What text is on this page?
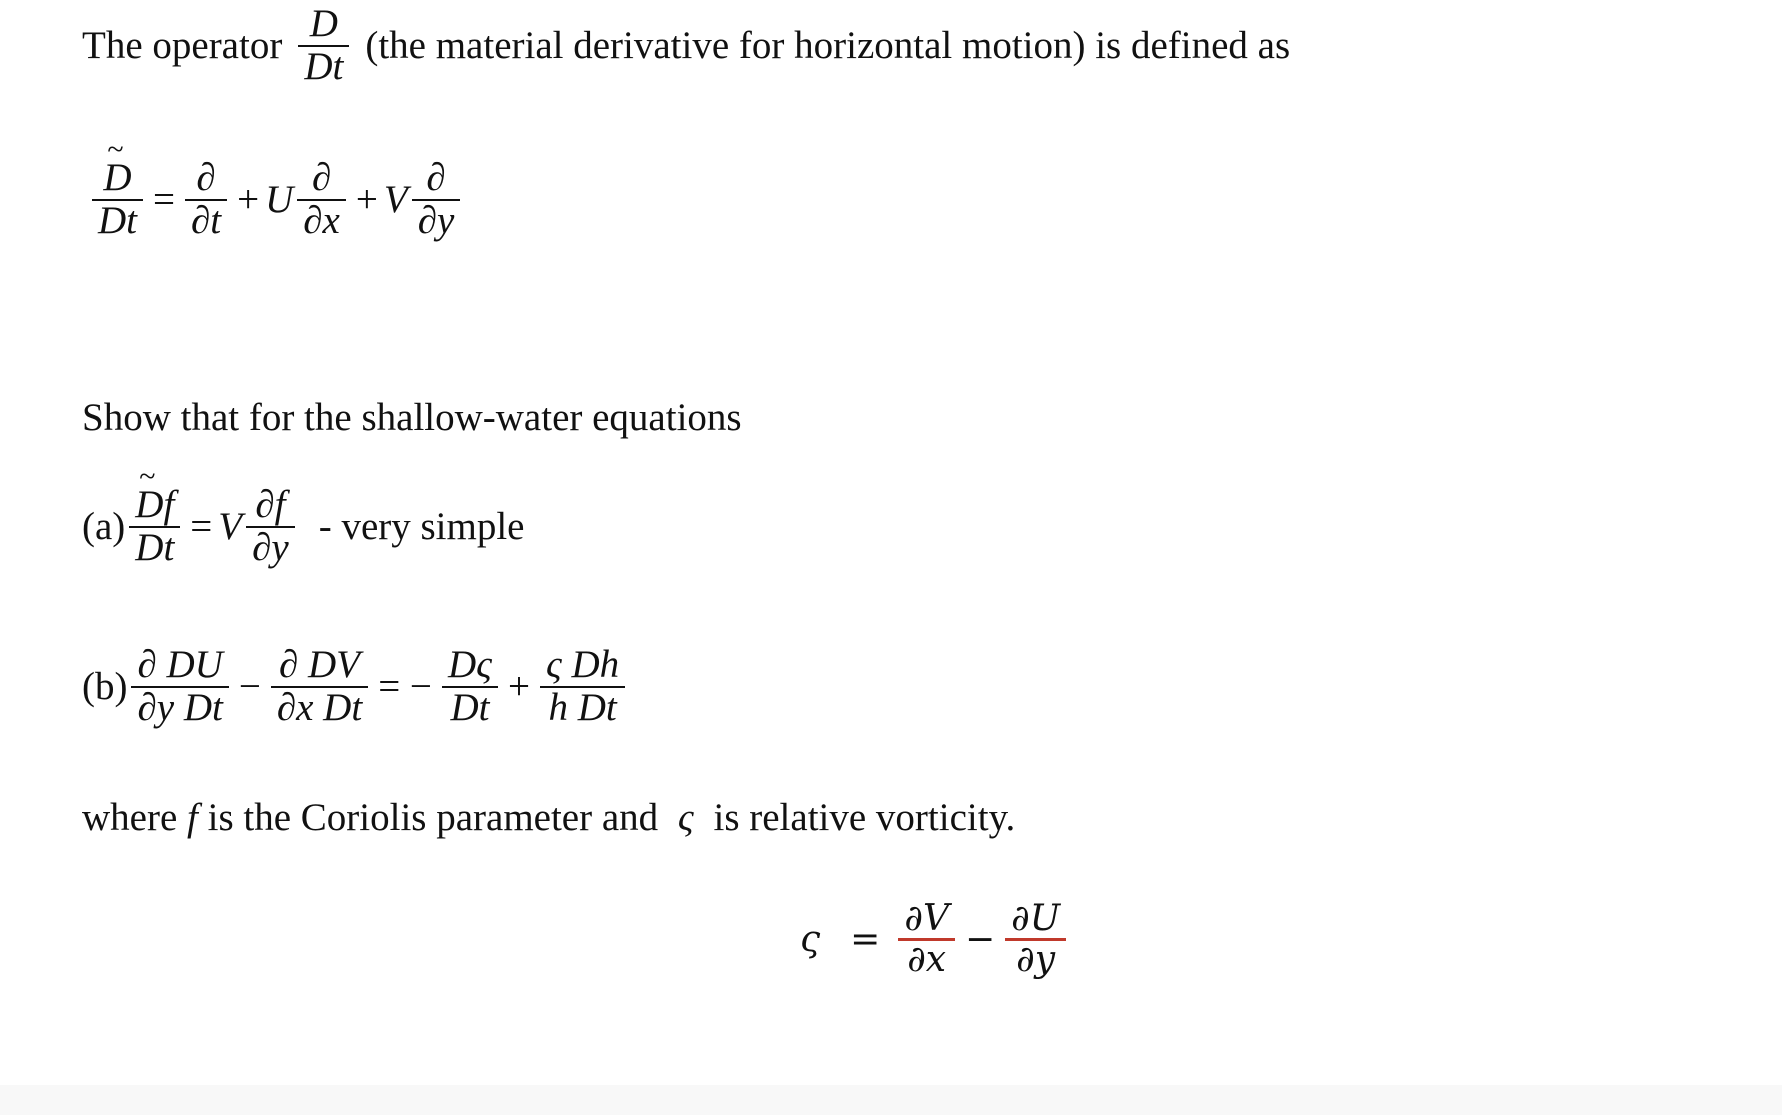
The operator ~ $\frac{D}{Dt} (the$ material derivative for horizontal motion) is defined as
~ $\frac{D}{Dt} = \frac{\partial}{\partial t} + U \frac{\partial}{\partial x} + V \frac{\partial}{\partial y}$
Show that for the shallow-water equations
(a) ~ $\frac{Df}{Dt} = V \frac{\partial f}{\partial y}$ - very simple
$(b) \frac{\partial DU}{\text{∂y Dt}} - \frac{\partial DV}{\text{∂x Dt}}$ = − $\frac{D\varsigma}{Dt} + \frac{\text{ς Dh}}{\text{h Dt}}$
where f is the Coriolis parameter and ς is relative vorticity.
$\varsigma = \frac{\partial V}{\partial x} - \frac{\partial U}{\partial y}$
